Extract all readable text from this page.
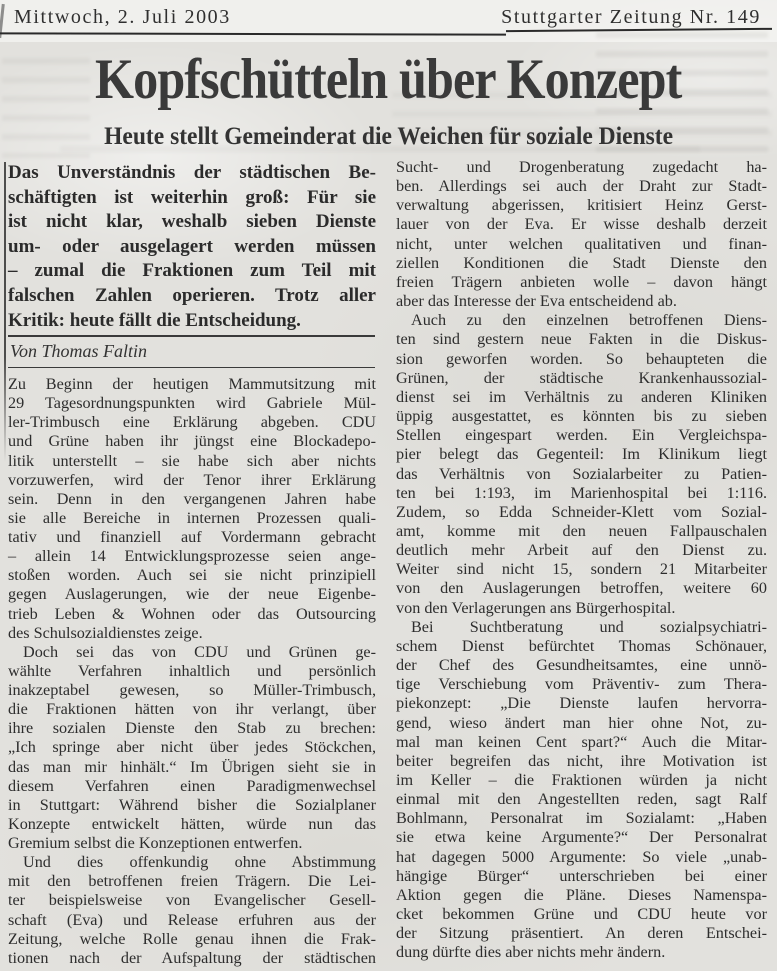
Mittwoch, 2. Juli 2003	Stuttgarter Zeitung Nr. 149
Kopfschütteln über Konzept
Heute stellt Gemeinderat die Weichen für soziale Dienste
Das Unverständnis der städtischen Be-
schäftigten ist weiterhin groß: Für sie
ist nicht klar, weshalb sieben Dienste
um- oder ausgelagert werden müssen
– zumal die Fraktionen zum Teil mit
falschen Zahlen operieren. Trotz aller
Kritik: heute fällt die Entscheidung.
Von Thomas Faltin
Zu Beginn der heutigen Mammutsitzung mit
29 Tagesordnungspunkten wird Gabriele Mül-
ler-Trimbusch eine Erklärung abgeben. CDU
und Grüne haben ihr jüngst eine Blockadepo-
litik unterstellt – sie habe sich aber nichts
vorzuwerfen, wird der Tenor ihrer Erklärung
sein. Denn in den vergangenen Jahren habe
sie alle Bereiche in internen Prozessen quali-
tativ und finanziell auf Vordermann gebracht
– allein 14 Entwicklungsprozesse seien ange-
stoßen worden. Auch sei sie nicht prinzipiell
gegen Auslagerungen, wie der neue Eigenbe-
trieb Leben & Wohnen oder das Outsourcing
des Schulsozialdienstes zeige.
Doch sei das von CDU und Grünen ge-
wählte Verfahren inhaltlich und persönlich
inakzeptabel gewesen, so Müller-Trimbusch,
die Fraktionen hätten von ihr verlangt, über
ihre sozialen Dienste den Stab zu brechen:
„Ich springe aber nicht über jedes Stöckchen,
das man mir hinhält.“ Im Übrigen sieht sie in
diesem Verfahren einen Paradigmenwechsel
in Stuttgart: Während bisher die Sozialplaner
Konzepte entwickelt hätten, würde nun das
Gremium selbst die Konzeptionen entwerfen.
Und dies offenkundig ohne Abstimmung
mit den betroffenen freien Trägern. Die Lei-
ter beispielsweise von Evangelischer Gesell-
schaft (Eva) und Release erfuhren aus der
Zeitung, welche Rolle genau ihnen die Frak-
tionen nach der Aufspaltung der städtischen
Sucht- und Drogenberatung zugedacht ha-
ben. Allerdings sei auch der Draht zur Stadt-
verwaltung abgerissen, kritisiert Heinz Gerst-
lauer von der Eva. Er wisse deshalb derzeit
nicht, unter welchen qualitativen und finan-
ziellen Konditionen die Stadt Dienste den
freien Trägern anbieten wolle – davon hängt
aber das Interesse der Eva entscheidend ab.
Auch zu den einzelnen betroffenen Diens-
ten sind gestern neue Fakten in die Diskus-
sion geworfen worden. So behaupteten die
Grünen, der städtische Krankenhaussozial-
dienst sei im Verhältnis zu anderen Kliniken
üppig ausgestattet, es könnten bis zu sieben
Stellen eingespart werden. Ein Vergleichspa-
pier belegt das Gegenteil: Im Klinikum liegt
das Verhältnis von Sozialarbeiter zu Patien-
ten bei 1:193, im Marienhospital bei 1:116.
Zudem, so Edda Schneider-Klett vom Sozial-
amt, komme mit den neuen Fallpauschalen
deutlich mehr Arbeit auf den Dienst zu.
Weiter sind nicht 15, sondern 21 Mitarbeiter
von den Auslagerungen betroffen, weitere 60
von den Verlagerungen ans Bürgerhospital.
Bei Suchtberatung und sozialpsychiatri-
schem Dienst befürchtet Thomas Schönauer,
der Chef des Gesundheitsamtes, eine unnö-
tige Verschiebung vom Präventiv- zum Thera-
piekonzept: „Die Dienste laufen hervorra-
gend, wieso ändert man hier ohne Not, zu-
mal man keinen Cent spart?“ Auch die Mitar-
beiter begreifen das nicht, ihre Motivation ist
im Keller – die Fraktionen würden ja nicht
einmal mit den Angestellten reden, sagt Ralf
Bohlmann, Personalrat im Sozialamt: „Haben
sie etwa keine Argumente?“ Der Personalrat
hat dagegen 5000 Argumente: So viele „unab-
hängige Bürger“ unterschrieben bei einer
Aktion gegen die Pläne. Dieses Namenspa-
cket bekommen Grüne und CDU heute vor
der Sitzung präsentiert. An deren Entschei-
dung dürfte dies aber nichts mehr ändern.
